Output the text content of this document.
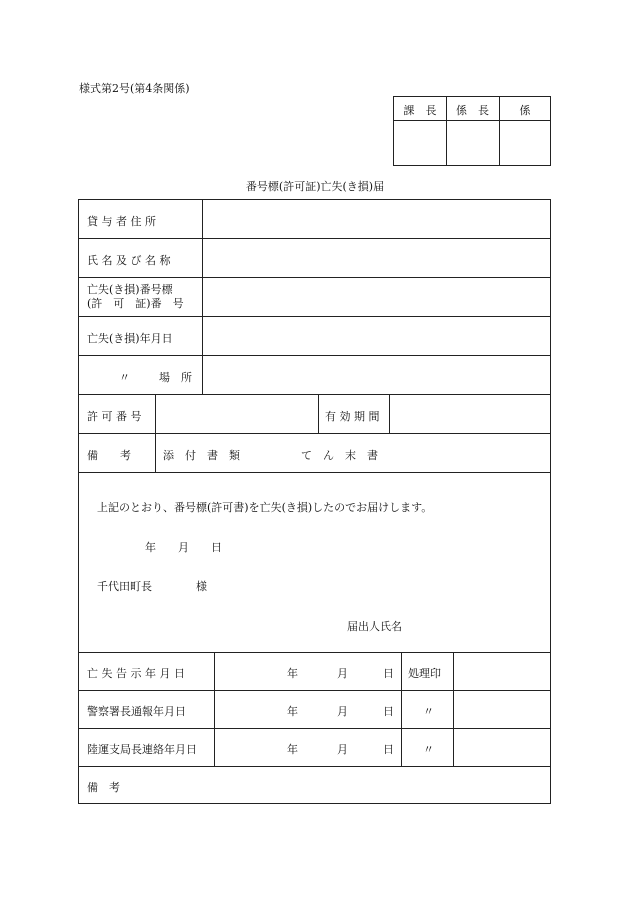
様式第2号(第4条関係)
課　長	係　長	係
番号標(許可証)亡失(き損)届
貸 与 者 住 所
氏 名 及 び 名 称
亡失(き損)番号標
(許　可　証)番　号
亡失(き損)年月日
〃	場　所
許 可 番 号	有 効 期 間
備　　考	添　付　書　類	て　ん　末　書
上記のとおり、番号標(許可書)を亡失(き損)したのでお届けします。
年　　月　　日
千代田町長　　　　様
届出人氏名
亡 失 告 示 年 月 日	年	月	日 処理印
警察署長通報年月日	年	月	日	〃
陸運支局長連絡年月日	年	月	日	〃
備　考
